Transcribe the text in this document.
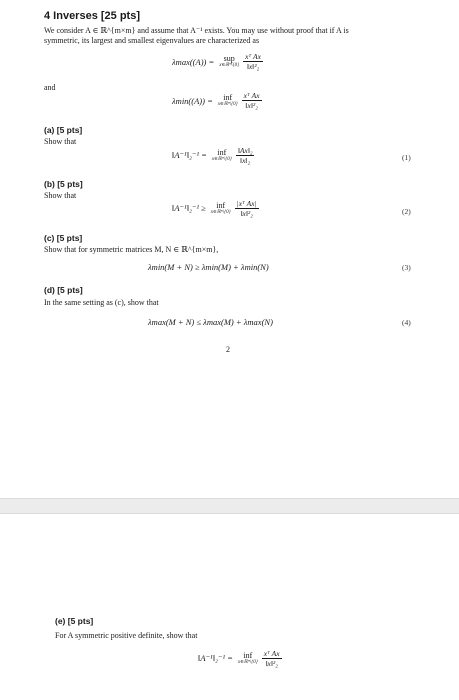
4 Inverses [25 pts]
We consider A ∈ ℝ^{m×m} and assume that A⁻¹ exists. You may use without proof that if A is
symmetric, its largest and smallest eigenvalues are characterized as
λmax((A)) =	sup
x∈ℝᵐ\{0} $\frac{\text{xᵀ Ax}}{\text{‖x‖²₂}}$
and
λmin((A)) =	inf
x∈ℝᵐ\{0} $\frac{\text{xᵀ Ax}}{\text{‖x‖²₂}}$
(a) [5 pts]
Show that
‖A⁻¹‖₂⁻¹ =	inf
x∈ℝᵐ\{0} $\frac{\text{‖Ax‖₂}}{\text{‖x‖₂}}$	(1)
(b) [5 pts]
Show that
‖A⁻¹‖₂⁻¹ ≥	inf
x∈ℝᵐ\{0} $\frac{\text{|xᵀ Ax|}}{\text{‖x‖²₂}}$	(2)
(c) [5 pts]
Show that for symmetric matrices M, N ∈ ℝ^{m×m},
λmin(M + N) ≥ λmin(M) + λmin(N)	(3)
(d) [5 pts]
In the same setting as (c), show that
λmax(M + N) ≤ λmax(M) + λmax(N)	(4)
2
(e) [5 pts]
For A symmetric positive definite, show that
‖A⁻¹‖₂⁻¹ =	inf
x∈ℝᵐ\{0} $\frac{\text{xᵀ Ax}}{\text{‖x‖²₂}}$
